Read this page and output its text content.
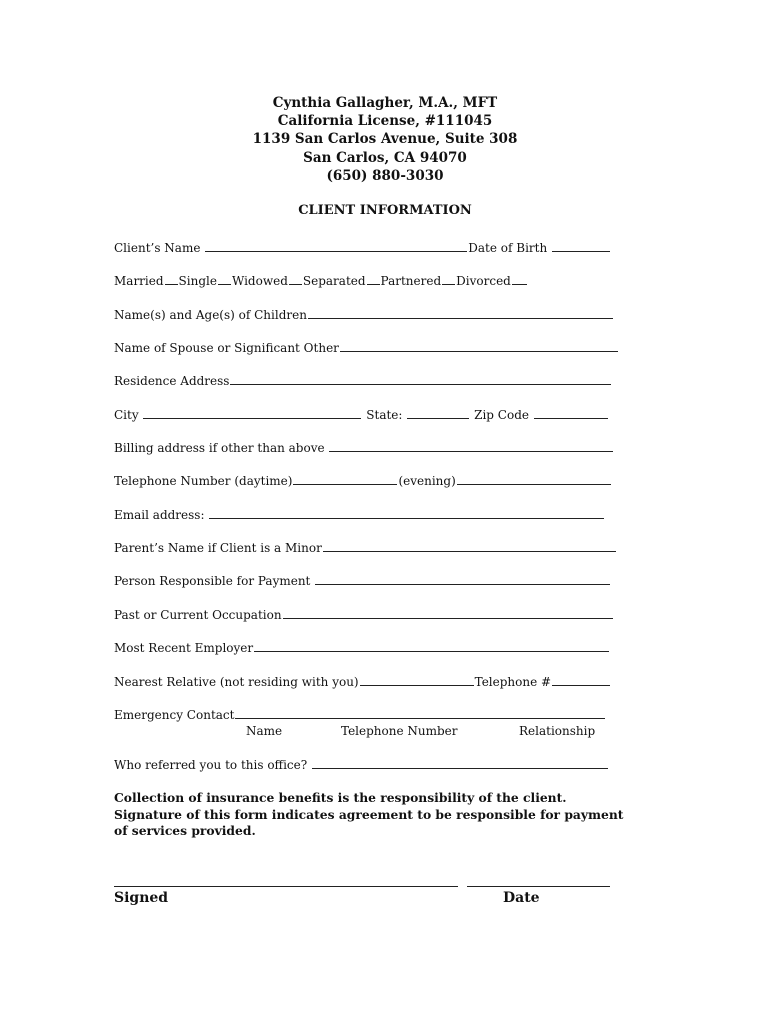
Cynthia Gallagher, M.A., MFT
California License, #111045
1139 San Carlos Avenue, Suite 308
San Carlos, CA 94070
(650) 880-3030
CLIENT INFORMATION
Client’s Name	Date of Birth
Married Single Widowed Separated Partnered Divorced
Name(s) and Age(s) of Children
Name of Spouse or Significant Other
Residence Address
City	State:	Zip Code
Billing address if other than above
Telephone Number (daytime)	(evening)
Email address:
Parent’s Name if Client is a Minor
Person Responsible for Payment
Past or Current Occupation
Most Recent Employer
Nearest Relative (not residing with you)	Telephone #
Emergency Contact
Name	Telephone Number	Relationship
Who referred you to this office?
Collection of insurance benefits is the responsibility of the client.
Signature of this form indicates agreement to be responsible for payment of services provided.
Signed	Date
